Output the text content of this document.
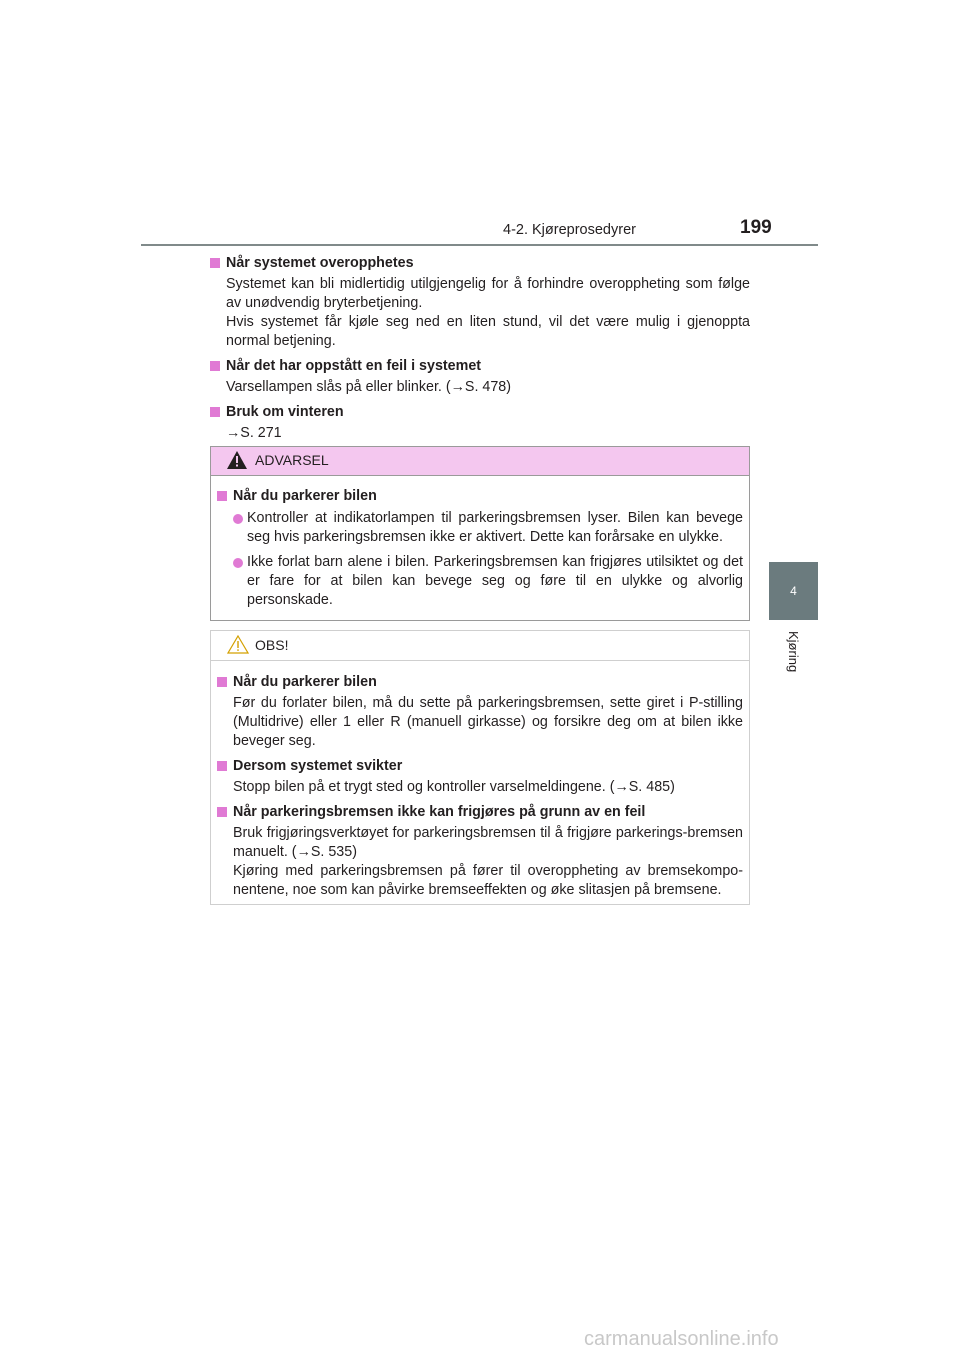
4-2. Kjøreprosedyrer	199
4
Kjøring
Når systemet overopphetes
Systemet kan bli midlertidig utilgjengelig for å forhindre overoppheting som følge av unødvendig bryterbetjening.
Hvis systemet får kjøle seg ned en liten stund, vil det være mulig i gjenoppta normal betjening.
Når det har oppstått en feil i systemet
Varsellampen slås på eller blinker. (→S. 478)
Bruk om vinteren
→S. 271
ADVARSEL
Når du parkerer bilen
Kontroller at indikatorlampen til parkeringsbremsen lyser. Bilen kan bevege seg hvis parkeringsbremsen ikke er aktivert. Dette kan forårsake en ulykke.
Ikke forlat barn alene i bilen. Parkeringsbremsen kan frigjøres utilsiktet og det er fare for at bilen kan bevege seg og føre til en ulykke og alvorlig personskade.
OBS!
Når du parkerer bilen
Før du forlater bilen, må du sette på parkeringsbremsen, sette giret i P-stilling (Multidrive) eller 1 eller R (manuell girkasse) og forsikre deg om at bilen ikke beveger seg.
Dersom systemet svikter
Stopp bilen på et trygt sted og kontroller varselmeldingene. (→S. 485)
Når parkeringsbremsen ikke kan frigjøres på grunn av en feil
Bruk frigjøringsverktøyet for parkeringsbremsen til å frigjøre parkerings-bremsen manuelt. (→S. 535)
Kjøring med parkeringsbremsen på fører til overoppheting av bremsekompo-nentene, noe som kan påvirke bremseeffekten og øke slitasjen på bremsene.
carmanualsonline.info
